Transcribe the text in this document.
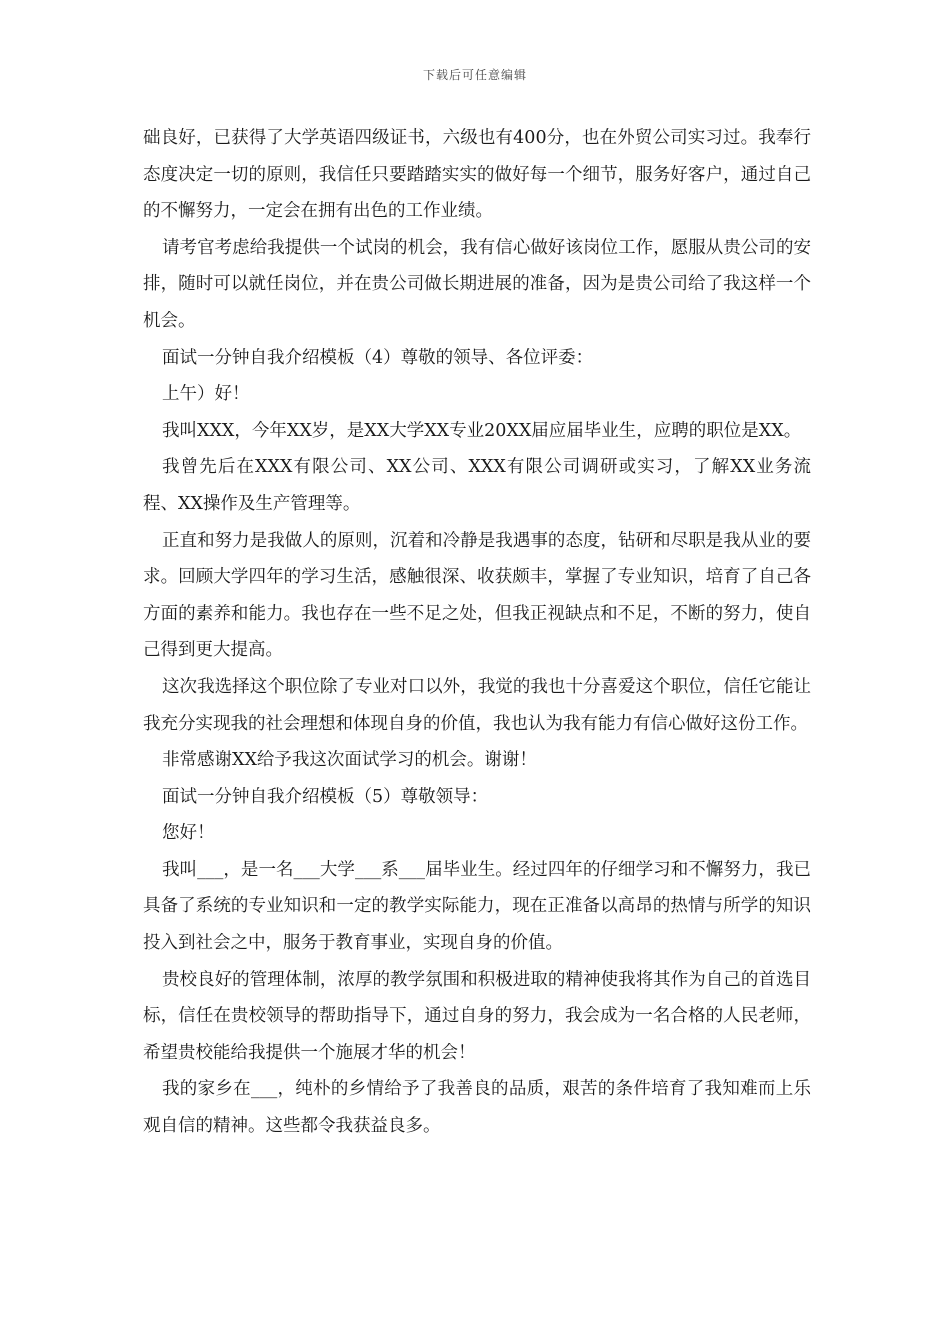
下载后可任意编辑

础良好，已获得了大学英语四级证书，六级也有400分，也在外贸公司实习过。我奉行态度决定一切的原则，我信任只要踏踏实实的做好每一个细节，服务好客户，通过自己的不懈努力，一定会在拥有出色的工作业绩。

请考官考虑给我提供一个试岗的机会，我有信心做好该岗位工作，愿服从贵公司的安排，随时可以就任岗位，并在贵公司做长期进展的准备，因为是贵公司给了我这样一个机会。

面试一分钟自我介绍模板（4）尊敬的领导、各位评委：

上午）好！

我叫XXX，今年XX岁，是XX大学XX专业20XX届应届毕业生，应聘的职位是XX。

我曾先后在XXX有限公司、XX公司、XXX有限公司调研或实习，了解XX业务流程、XX操作及生产管理等。

正直和努力是我做人的原则，沉着和冷静是我遇事的态度，钻研和尽职是我从业的要求。回顾大学四年的学习生活，感触很深、收获颇丰，掌握了专业知识，培育了自己各方面的素养和能力。我也存在一些不足之处，但我正视缺点和不足，不断的努力，使自己得到更大提高。

这次我选择这个职位除了专业对口以外，我觉的我也十分喜爱这个职位，信任它能让我充分实现我的社会理想和体现自身的价值，我也认为我有能力有信心做好这份工作。

非常感谢XX给予我这次面试学习的机会。谢谢！

面试一分钟自我介绍模板（5）尊敬领导：

您好！

我叫___，是一名___大学___系___届毕业生。经过四年的仔细学习和不懈努力，我已具备了系统的专业知识和一定的教学实际能力，现在正准备以高昂的热情与所学的知识投入到社会之中，服务于教育事业，实现自身的价值。

贵校良好的管理体制，浓厚的教学氛围和积极进取的精神使我将其作为自己的首选目标，信任在贵校领导的帮助指导下，通过自身的努力，我会成为一名合格的人民老师，希望贵校能给我提供一个施展才华的机会！

我的家乡在___，纯朴的乡情给予了我善良的品质，艰苦的条件培育了我知难而上乐观自信的精神。这些都令我获益良多。
